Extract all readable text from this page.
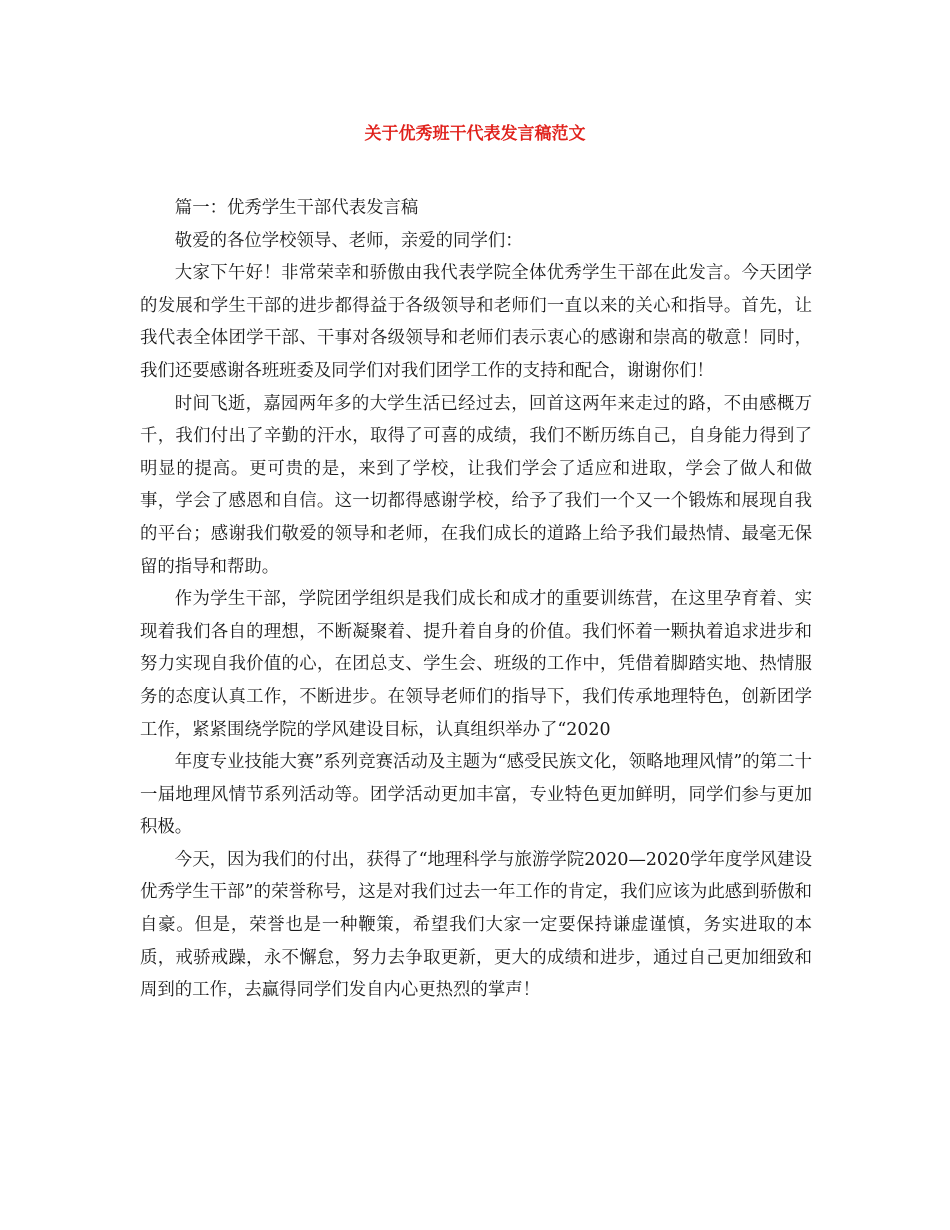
关于优秀班干代表发言稿范文

篇一：优秀学生干部代表发言稿

敬爱的各位学校领导、老师，亲爱的同学们：

大家下午好！非常荣幸和骄傲由我代表学院全体优秀学生干部在此发言。今天团学的发展和学生干部的进步都得益于各级领导和老师们一直以来的关心和指导。首先，让我代表全体团学干部、干事对各级领导和老师们表示衷心的感谢和崇高的敬意！同时，我们还要感谢各班班委及同学们对我们团学工作的支持和配合，谢谢你们！

时间飞逝，嘉园两年多的大学生活已经过去，回首这两年来走过的路，不由感概万千，我们付出了辛勤的汗水，取得了可喜的成绩，我们不断历练自己，自身能力得到了明显的提高。更可贵的是，来到了学校，让我们学会了适应和进取，学会了做人和做事，学会了感恩和自信。这一切都得感谢学校，给予了我们一个又一个锻炼和展现自我的平台；感谢我们敬爱的领导和老师，在我们成长的道路上给予我们最热情、最毫无保留的指导和帮助。

作为学生干部，学院团学组织是我们成长和成才的重要训练营，在这里孕育着、实现着我们各自的理想，不断凝聚着、提升着自身的价值。我们怀着一颗执着追求进步和努力实现自我价值的心，在团总支、学生会、班级的工作中，凭借着脚踏实地、热情服务的态度认真工作，不断进步。在领导老师们的指导下，我们传承地理特色，创新团学工作，紧紧围绕学院的学风建设目标，认真组织举办了“2020

年度专业技能大赛”系列竞赛活动及主题为“感受民族文化，领略地理风情”的第二十一届地理风情节系列活动等。团学活动更加丰富，专业特色更加鲜明，同学们参与更加积极。

今天，因为我们的付出，获得了“地理科学与旅游学院2020—2020学年度学风建设优秀学生干部”的荣誉称号，这是对我们过去一年工作的肯定，我们应该为此感到骄傲和自豪。但是，荣誉也是一种鞭策，希望我们大家一定要保持谦虚谨慎，务实进取的本质，戒骄戒躁，永不懈怠，努力去争取更新，更大的成绩和进步，通过自己更加细致和周到的工作，去赢得同学们发自内心更热烈的掌声！
